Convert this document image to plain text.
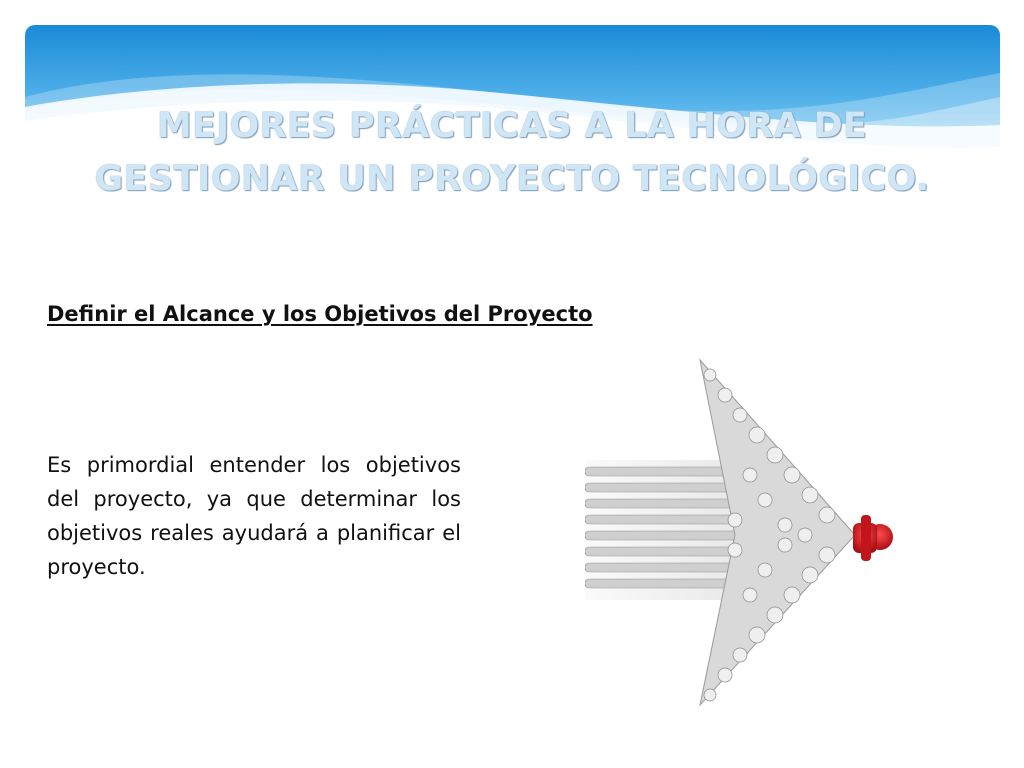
MEJORES PRÁCTICAS A LA HORA DE GESTIONAR UN PROYECTO TECNOLÓGICO.
Definir el Alcance y los Objetivos del Proyecto

Es primordial entender los objetivos del proyecto, ya que determinar los objetivos reales ayudará a planificar el proyecto.
